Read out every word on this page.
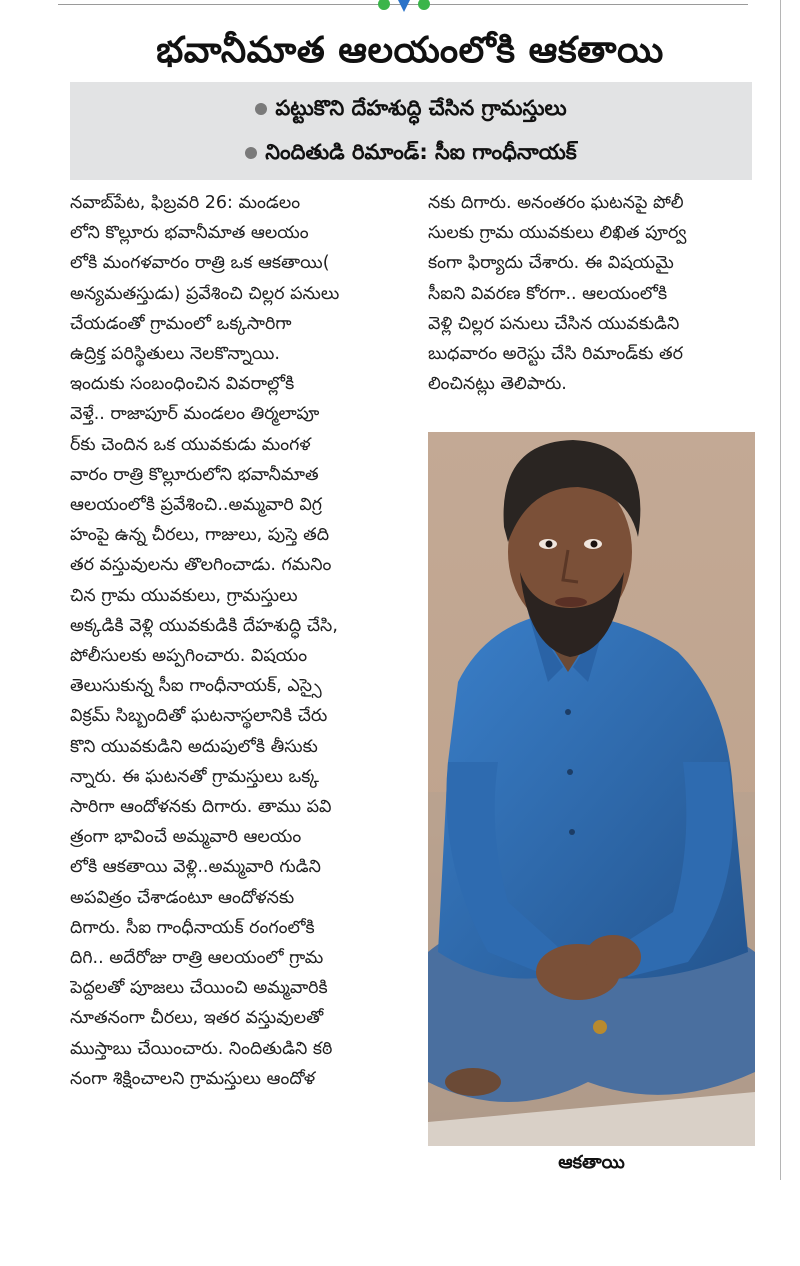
భవానీమాత ఆలయంలోకి ఆకతాయి
పట్టుకొని దేహశుద్ధి చేసిన గ్రామస్తులు
నిందితుడి రిమాండ్: సీఐ గాంధీనాయక్
నవాబ్‌పేట, ఫిబ్రవరి 26: మండలం
లోని కొల్లూరు భవానీమాత ఆలయం
లోకి మంగళవారం రాత్రి ఒక ఆకతాయి(
అన్యమతస్తుడు) ప్రవేశించి చిల్లర పనులు
చేయడంతో గ్రామంలో ఒక్కసారిగా
ఉద్రిక్త పరిస్థితులు నెలకొన్నాయి.
ఇందుకు సంబంధించిన వివరాల్లోకి
వెళ్తే.. రాజాపూర్ మండలం తిర్మలాపూ
ర్‌కు చెందిన ఒక యువకుడు మంగళ
వారం రాత్రి కొల్లూరులోని భవానీమాత
ఆలయంలోకి ప్రవేశించి..అమ్మవారి విగ్ర
హంపై ఉన్న చీరలు, గాజులు, పుస్తె తది
తర వస్తువులను తొలగించాడు. గమనిం
చిన గ్రామ యువకులు, గ్రామస్తులు
అక్కడికి వెళ్లి యువకుడికి దేహశుద్ధి చేసి,
పోలీసులకు అప్పగించారు. విషయం
తెలుసుకున్న సీఐ గాంధీనాయక్, ఎస్సై
విక్రమ్ సిబ్బందితో ఘటనాస్థలానికి చేరు
కొని యువకుడిని అదుపులోకి తీసుకు
న్నారు. ఈ ఘటనతో గ్రామస్తులు ఒక్క
సారిగా ఆందోళనకు దిగారు. తాము పవి
త్రంగా భావించే అమ్మవారి ఆలయం
లోకి ఆకతాయి వెళ్లి..అమ్మవారి గుడిని
అపవిత్రం చేశాడంటూ ఆందోళనకు
దిగారు. సీఐ గాంధీనాయక్ రంగంలోకి
దిగి.. అదేరోజు రాత్రి ఆలయంలో గ్రామ
పెద్దలతో పూజలు చేయించి అమ్మవారికి
నూతనంగా చీరలు, ఇతర వస్తువులతో
ముస్తాబు చేయించారు. నిందితుడిని కఠి
నంగా శిక్షించాలని గ్రామస్తులు ఆందోళ
నకు దిగారు. అనంతరం ఘటనపై పోలీ
సులకు గ్రామ యువకులు లిఖిత పూర్వ
కంగా ఫిర్యాదు చేశారు. ఈ విషయమై
సీఐని వివరణ కోరగా.. ఆలయంలోకి
వెళ్లి చిల్లర పనులు చేసిన యువకుడిని
బుధవారం అరెస్టు చేసి రిమాండ్‌కు తర
లించినట్లు తెలిపారు.
ఆకతాయి
